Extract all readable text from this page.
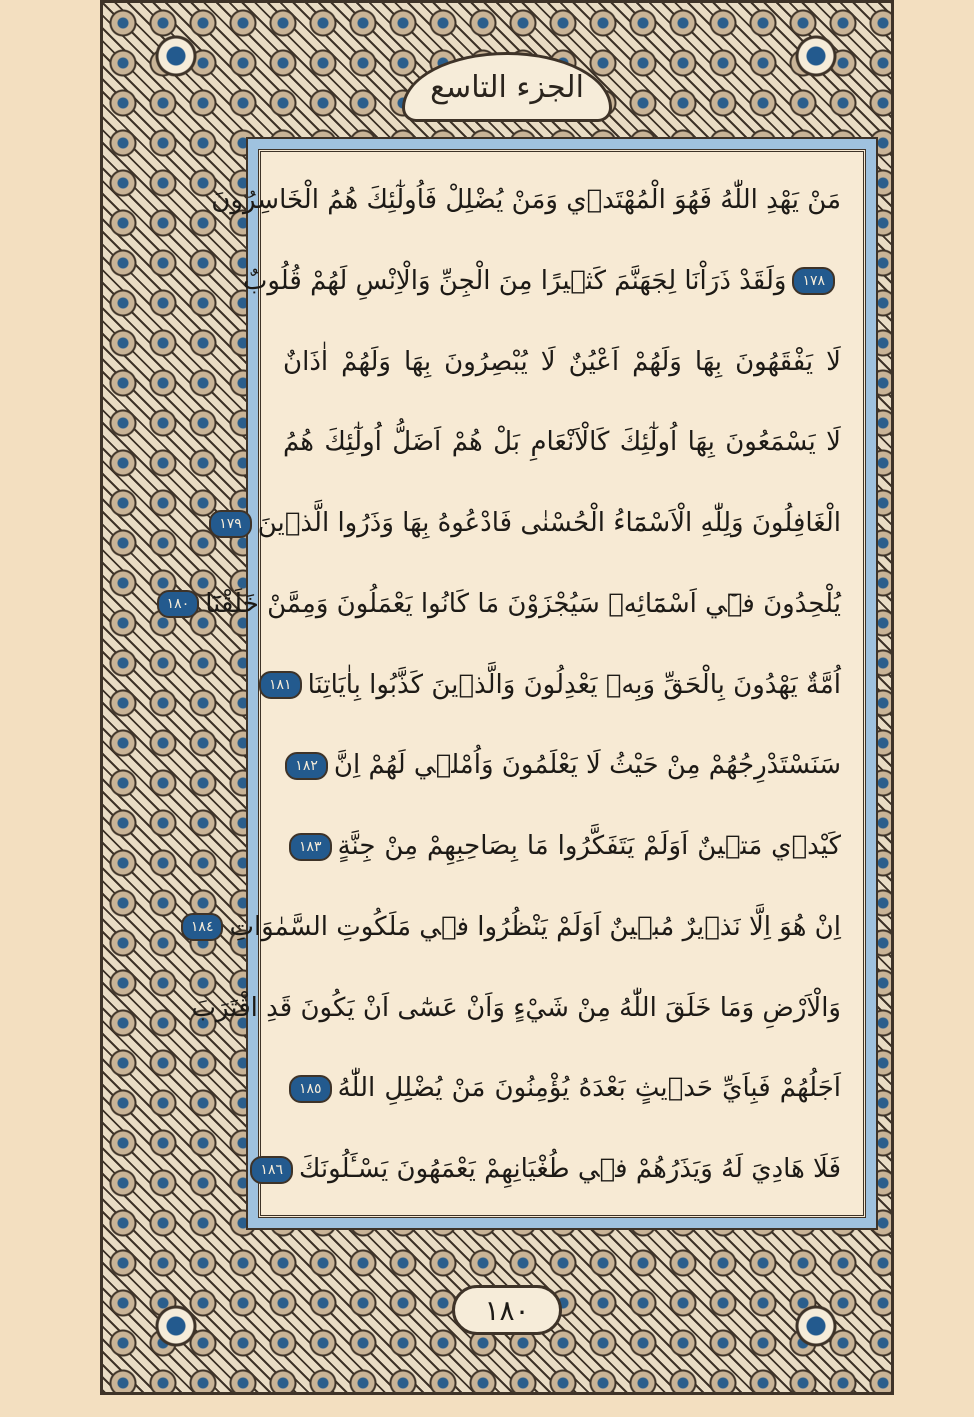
الجزء التاسع
مَنْ يَهْدِ اللّٰهُ فَهُوَ الْمُهْتَدٖي وَمَنْ يُضْلِلْ فَاُولٰٓئِكَ هُمُ الْخَاسِرُونَ
١٧٨وَلَقَدْ ذَرَاْنَا لِجَهَنَّمَ كَثٖيرًا مِنَ الْجِنِّ وَالْاِنْسِ لَهُمْ قُلُوبٌ
لَا يَفْقَهُونَ بِهَا وَلَهُمْ اَعْيُنٌ لَا يُبْصِرُونَ بِهَا وَلَهُمْ اٰذَانٌ
لَا يَسْمَعُونَ بِهَا اُولٰٓئِكَ كَالْاَنْعَامِ بَلْ هُمْ اَضَلُّ اُولٰٓئِكَ هُمُ
الْغَافِلُونَ وَلِلّٰهِ الْاَسْمَٓاءُ الْحُسْنٰى فَادْعُوهُ بِهَا وَذَرُوا الَّذٖينَ١٧٩
يُلْحِدُونَ فٖٓي اَسْمَٓائِهٖ سَيُجْزَوْنَ مَا كَانُوا يَعْمَلُونَ وَمِمَّنْ خَلَقْنَٓا١٨٠
اُمَّةٌ يَهْدُونَ بِالْحَقِّ وَبِهٖ يَعْدِلُونَ وَالَّذٖينَ كَذَّبُوا بِاٰيَاتِنَا١٨١
سَنَسْتَدْرِجُهُمْ مِنْ حَيْثُ لَا يَعْلَمُونَ وَاُمْلٖي لَهُمْ اِنَّ١٨٢
كَيْدٖي مَتٖينٌ اَوَلَمْ يَتَفَكَّرُوا مَا بِصَاحِبِهِمْ مِنْ جِنَّةٍ١٨٣
اِنْ هُوَ اِلَّا نَذٖيرٌ مُبٖينٌ اَوَلَمْ يَنْظُرُوا فٖي مَلَكُوتِ السَّمٰوَاتِ١٨٤
وَالْاَرْضِ وَمَا خَلَقَ اللّٰهُ مِنْ شَيْءٍ وَاَنْ عَسٰٓى اَنْ يَكُونَ قَدِ اقْتَرَبَ
اَجَلُهُمْ فَبِاَيِّ حَدٖيثٍ بَعْدَهُ يُؤْمِنُونَ مَنْ يُضْلِلِ اللّٰهُ١٨٥
فَلَا هَادِيَ لَهُ وَيَذَرُهُمْ فٖي طُغْيَانِهِمْ يَعْمَهُونَ يَسْـَٔلُونَكَ١٨٦
١٨٠
